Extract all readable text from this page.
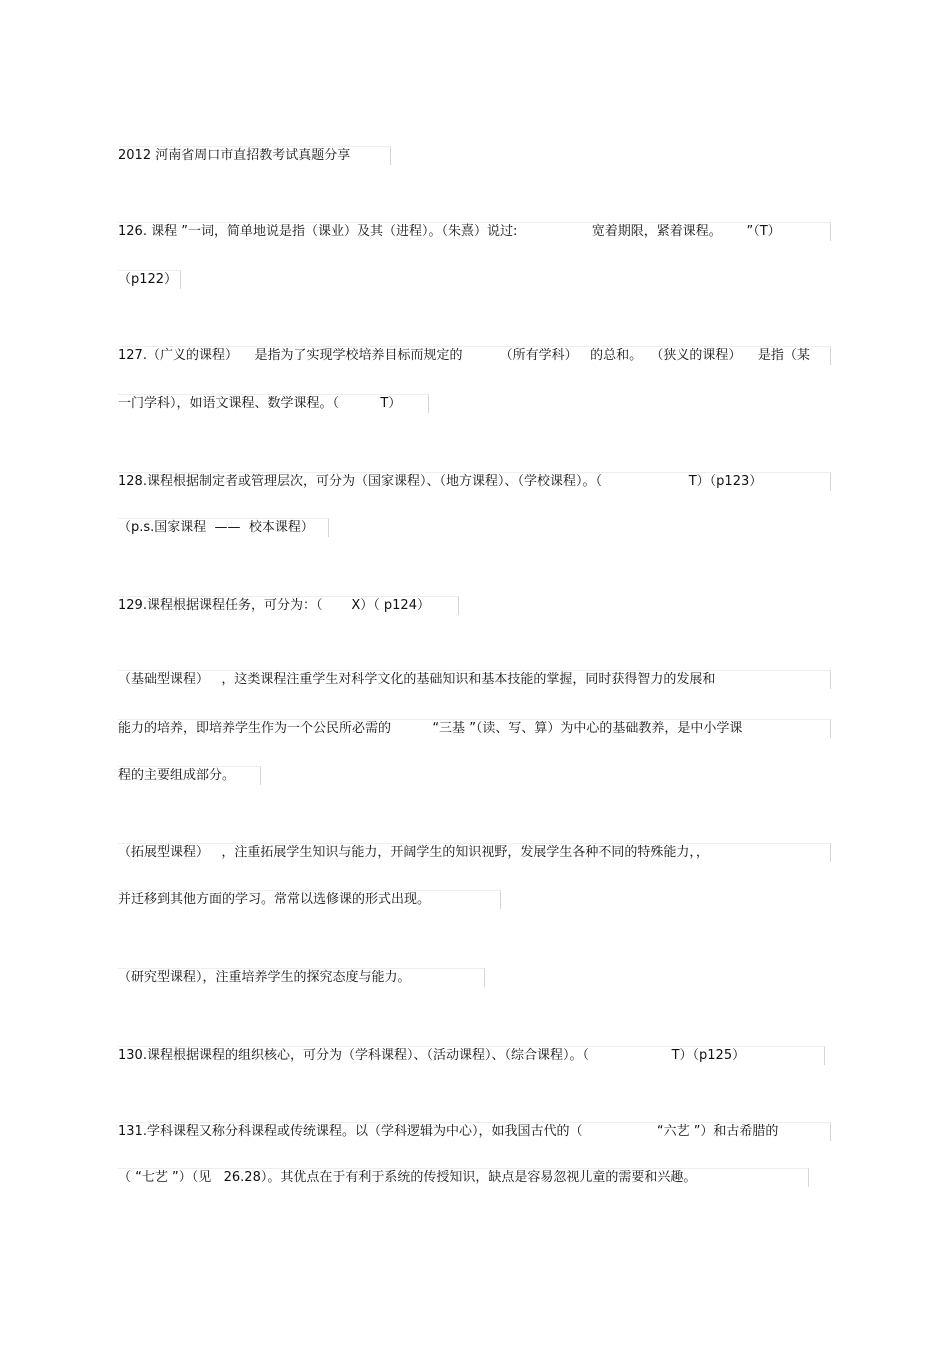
2012 河南省周口市直招教考试真题分享

126. 课程 ”一词，简单地说是指（课业）及其（进程）。（朱熹）说过:                  宽着期限，紧着课程。      ”（T）

（p122）

127.（广义的课程）    是指为了实现学校培养目标而规定的         （所有学科）   的总和。  （狭义的课程）    是指（某

一门学科），如语文课程、数学课程。（          T）

128.课程根据制定者或管理层次，可分为（国家课程）、（地方课程）、（学校课程）。（                     T）（p123）

（p.s.国家课程  ——  校本课程）

129.课程根据课程任务，可分为：（       X）（ p124）

（基础型课程）   ，这类课程注重学生对科学文化的基础知识和基本技能的掌握，同时获得智力的发展和

能力的培养，即培养学生作为一个公民所必需的          “三基 ”（读、写、算）为中心的基础教养，是中小学课

程的主要组成部分。

（拓展型课程）   ，注重拓展学生知识与能力，开阔学生的知识视野，发展学生各种不同的特殊能力，，

并迁移到其他方面的学习。常常以选修课的形式出现。

（研究型课程），注重培养学生的探究态度与能力。

130.课程根据课程的组织核心，可分为（学科课程）、（活动课程）、（综合课程）。（                    T）（p125）

131.学科课程又称分科课程或传统课程。以（学科逻辑为中心），如我国古代的（                  “六艺 ”）和古希腊的

（ “七艺 ”）（见   26.28）。其优点在于有利于系统的传授知识，缺点是容易忽视儿童的需要和兴趣。
